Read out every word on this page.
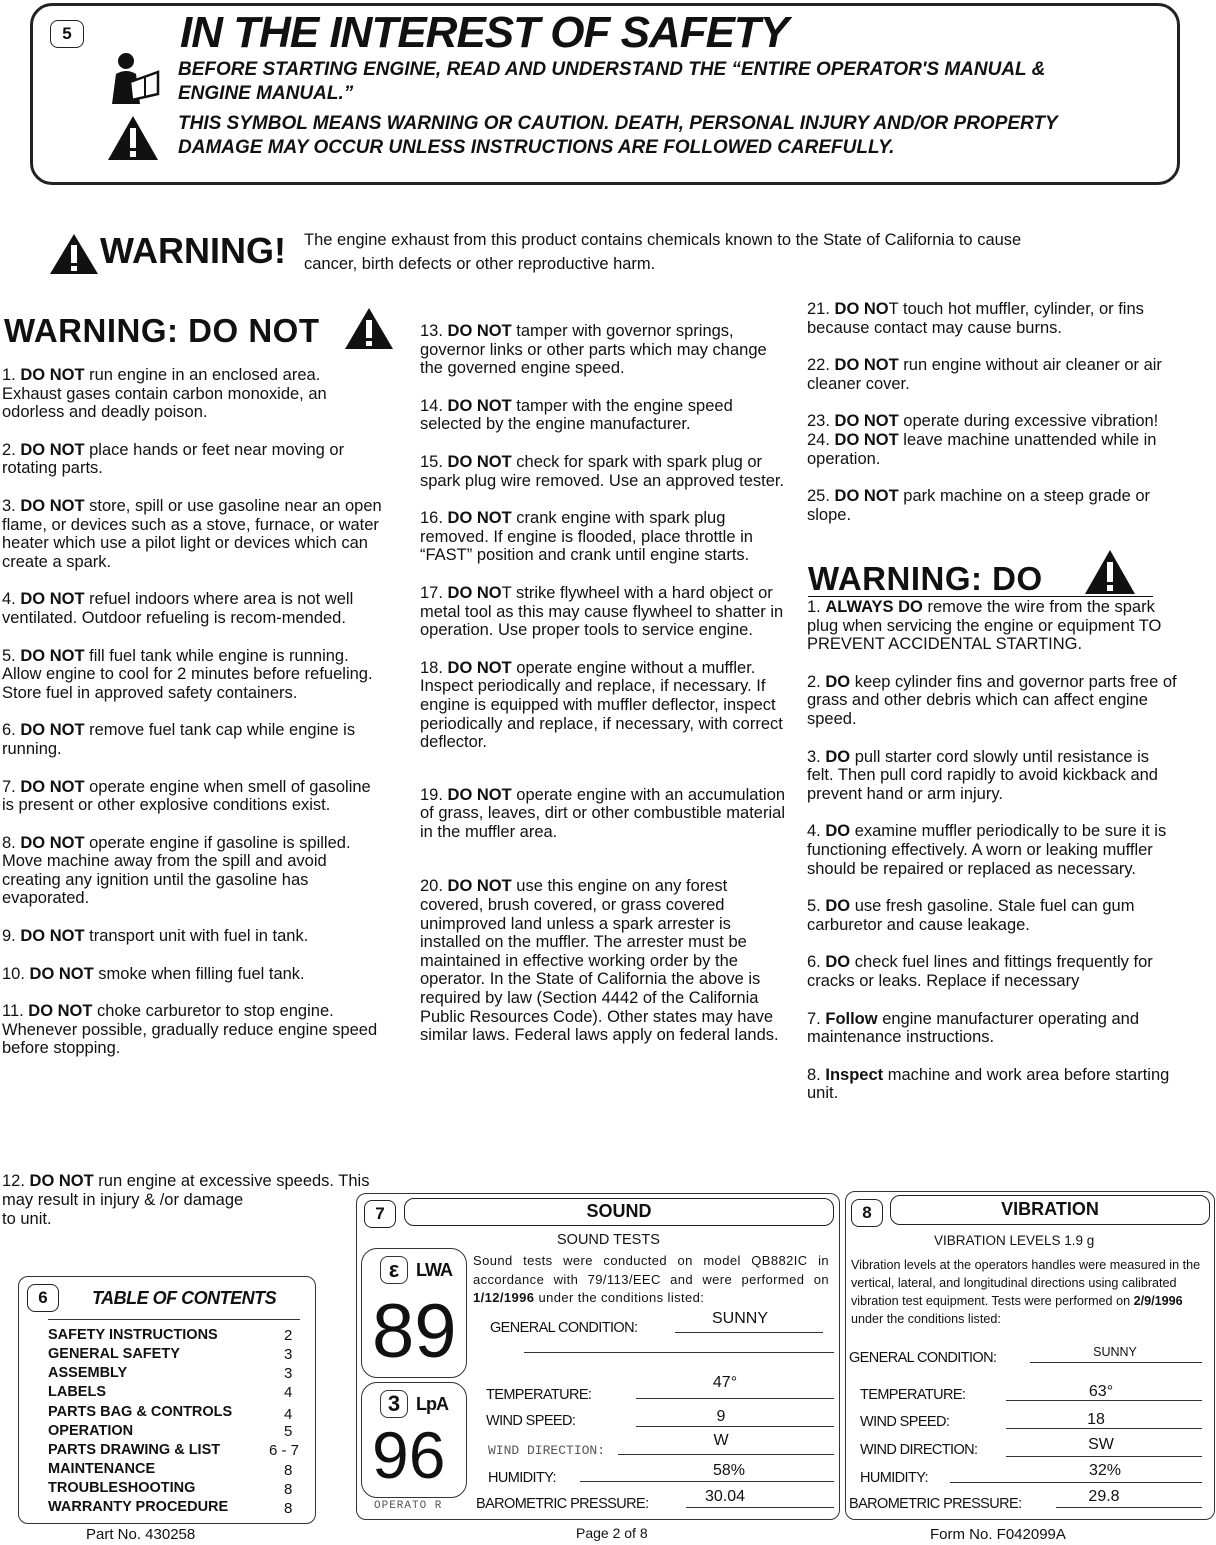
5 IN THE INTEREST OF SAFETY
BEFORE STARTING ENGINE, READ AND UNDERSTAND THE “ENTIRE OPERATOR'S MANUAL &
ENGINE MANUAL.”
THIS SYMBOL MEANS WARNING OR CAUTION. DEATH, PERSONAL INJURY AND/OR PROPERTY
DAMAGE MAY OCCUR UNLESS INSTRUCTIONS ARE FOLLOWED CAREFULLY.
WARNING! The engine exhaust from this product contains chemicals known to the State of California to cause
cancer, birth defects or other reproductive harm.
WARNING: DO NOT

1. DO NOT run engine in an enclosed area. Exhaust gases contain carbon monoxide, an odorless and deadly poison.

2. DO NOT place hands or feet near moving or rotating parts.

3. DO NOT store, spill or use gasoline near an open flame, or devices such as a stove, furnace, or water heater which use a pilot light or devices which can create a spark.

4. DO NOT refuel indoors where area is not well ventilated. Outdoor refueling is recom-mended.

5. DO NOT fill fuel tank while engine is running. Allow engine to cool for 2 minutes before refueling. Store fuel in approved safety containers.

6. DO NOT remove fuel tank cap while engine is running.

7. DO NOT operate engine when smell of gasoline is present or other explosive conditions exist.

8. DO NOT operate engine if gasoline is spilled. Move machine away from the spill and avoid creating any ignition until the gasoline has evaporated.

9. DO NOT transport unit with fuel in tank.

10. DO NOT smoke when filling fuel tank.

11. DO NOT choke carburetor to stop engine. Whenever possible, gradually reduce engine speed before stopping.

12. DO NOT run engine at excessive speeds. This may result in injury & /or damage
to unit.

13. DO NOT tamper with governor springs, governor links or other parts which may change the governed engine speed.

14. DO NOT tamper with the engine speed selected by the engine manufacturer.

15. DO NOT check for spark with spark plug or spark plug wire removed. Use an approved tester.

16. DO NOT crank engine with spark plug removed. If engine is flooded, place throttle in “FAST” position and crank until engine starts.

17. DO NOT strike flywheel with a hard object or metal tool as this may cause flywheel to shatter in operation. Use proper tools to service engine.

18. DO NOT operate engine without a muffler. Inspect periodically and replace, if necessary. If engine is equipped with muffler deflector, inspect periodically and replace, if necessary, with correct deflector.

19. DO NOT operate engine with an accumulation of grass, leaves, dirt or other combustible material in the muffler area.

20. DO NOT use this engine on any forest covered, brush covered, or grass covered unimproved land unless a spark arrester is installed on the muffler. The arrester must be maintained in effective working order by the operator. In the State of California the above is required by law (Section 4442 of the California Public Resources Code). Other states may have similar laws. Federal laws apply on federal lands.

21. DO NOT touch hot muffler, cylinder, or fins because contact may cause burns.

22. DO NOT run engine without air cleaner or air cleaner cover.

23. DO NOT operate during excessive vibration!

24. DO NOT leave machine unattended while in operation.

25. DO NOT park machine on a steep grade or slope.

WARNING: DO

1. ALWAYS DO remove the wire from the spark plug when servicing the engine or equipment TO PREVENT ACCIDENTAL STARTING.

2. DO keep cylinder fins and governor parts free of grass and other debris which can affect engine speed.

3. DO pull starter cord slowly until resistance is felt. Then pull cord rapidly to avoid kickback and prevent hand or arm injury.

4. DO examine muffler periodically to be sure it is functioning effectively. A worn or leaking muffler should be repaired or replaced as necessary.

5. DO use fresh gasoline. Stale fuel can gum carburetor and cause leakage.

6. DO check fuel lines and fittings frequently for cracks or leaks. Replace if necessary

7. Follow engine manufacturer operating and maintenance instructions.

8. Inspect machine and work area before starting unit.

6	TABLE OF CONTENTS
SAFETY INSTRUCTIONS	2
GENERAL SAFETY	3
ASSEMBLY	3
LABELS	4
PARTS BAG & CONTROLS	4
OPERATION	5
PARTS DRAWING & LIST	6 - 7
MAINTENANCE	8
TROUBLESHOOTING	8
WARRANTY PROCEDURE	8
7	SOUND
SOUND TESTS
Sound tests were conducted on model QB882IC in accordance with 79/113/EEC and were performed on 1/12/1996 under the conditions listed:
ε LWA
89
3 LpA
96
OPERATO R
GENERAL CONDITION:
SUNNY
TEMPERATURE:
47°
WIND SPEED:	9
WIND DIRECTION:
W
HUMIDITY:	58%
BAROMETRIC PRESSURE:	30.04
8	VIBRATION
VIBRATION LEVELS 1.9 g
Vibration levels at the operators handles were measured in the vertical, lateral, and longitudinal directions using calibrated vibration test equipment. Tests were performed on 2/9/1996 under the conditions listed:
GENERAL CONDITION:	SUNNY
TEMPERATURE:	63°
WIND SPEED:	18
WIND DIRECTION:	SW
HUMIDITY:	32%
BAROMETRIC PRESSURE:	29.8
Part No. 430258	Page 2 of 8	Form No. F042099A
